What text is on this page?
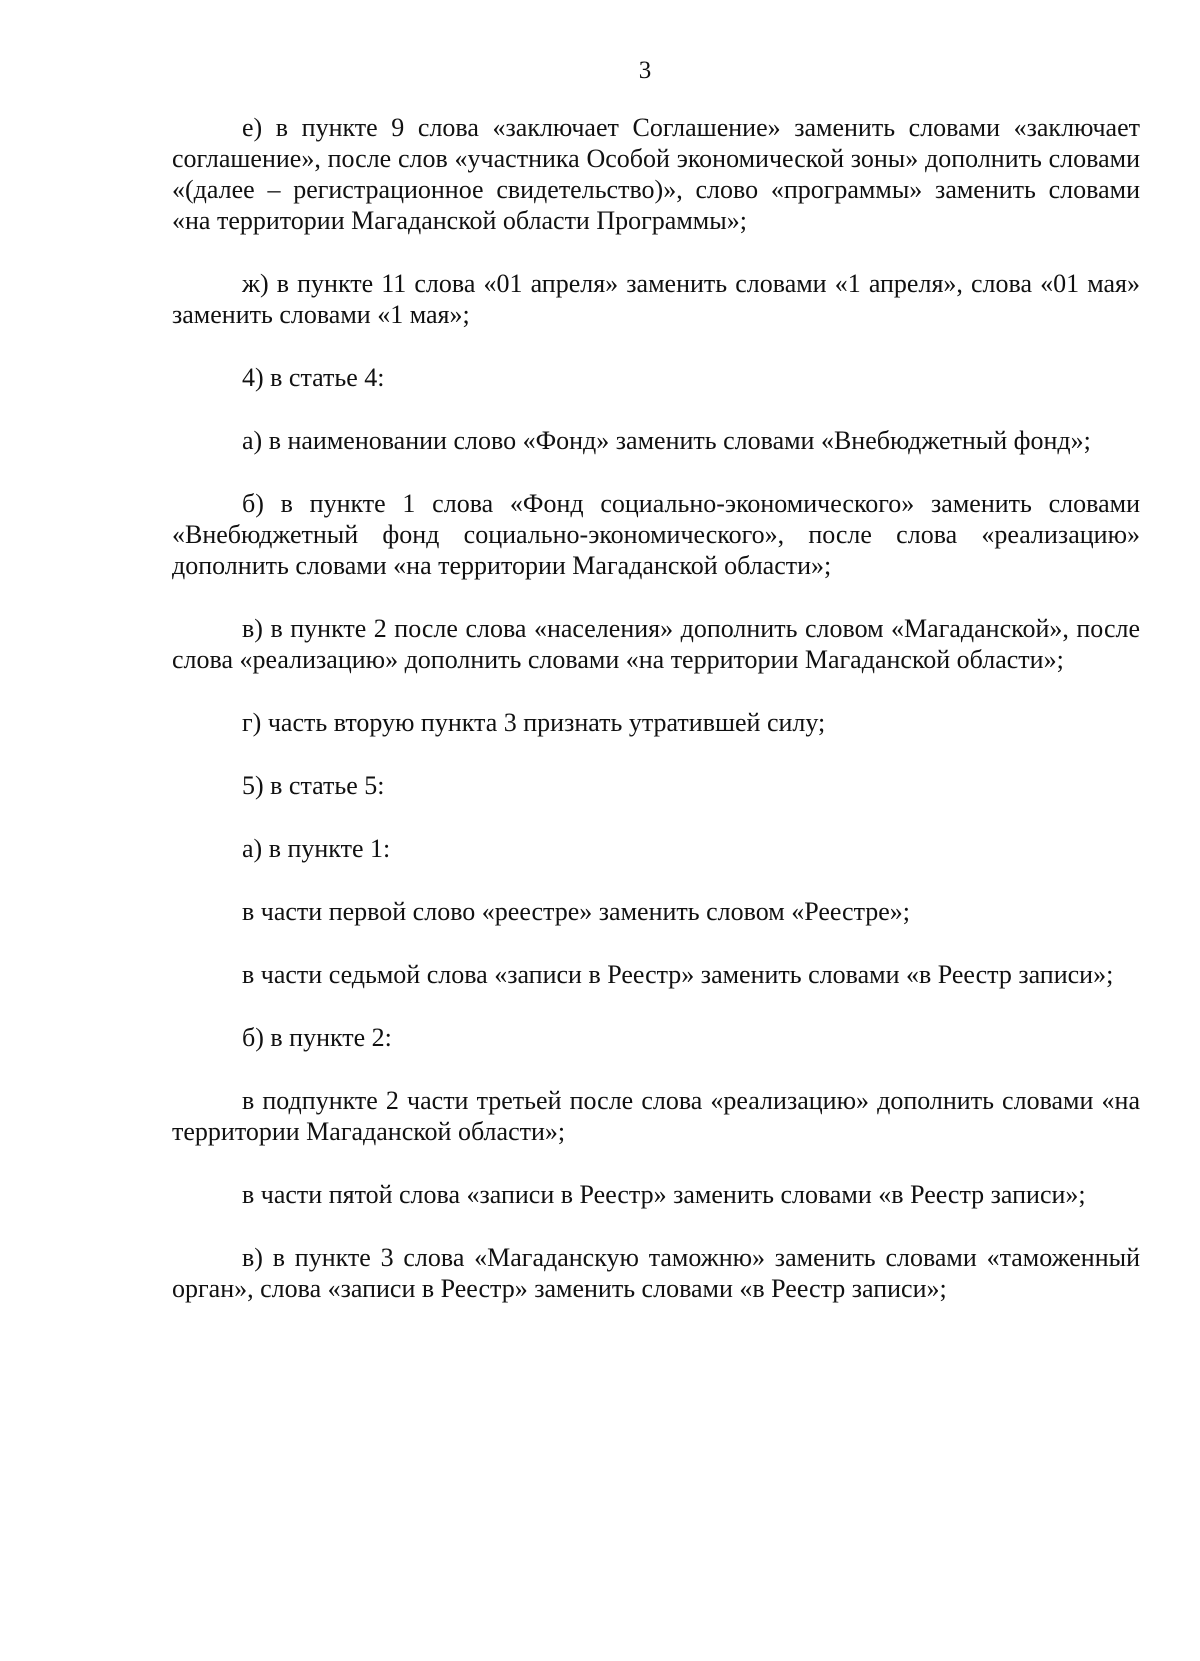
3

е) в пункте 9 слова «заключает Соглашение» заменить словами «заключает соглашение», после слов «участника Особой экономической зоны» дополнить словами «(далее – регистрационное свидетельство)», слово «программы» заменить словами «на территории Магаданской области Программы»;

ж) в пункте 11 слова «01 апреля» заменить словами «1 апреля», слова «01 мая» заменить словами «1 мая»;

4) в статье 4:

а) в наименовании слово «Фонд» заменить словами «Внебюджетный фонд»;

б) в пункте 1 слова «Фонд социально-экономического» заменить словами «Внебюджетный фонд социально-экономического», после слова «реализацию» дополнить словами «на территории Магаданской области»;

в) в пункте 2 после слова «населения» дополнить словом «Магаданской», после слова «реализацию» дополнить словами «на территории Магаданской области»;

г) часть вторую пункта 3 признать утратившей силу;

5) в статье 5:

а) в пункте 1:

в части первой слово «реестре» заменить словом «Реестре»;

в части седьмой слова «записи в Реестр» заменить словами «в Реестр записи»;

б) в пункте 2:

в подпункте 2 части третьей после слова «реализацию» дополнить словами «на территории Магаданской области»;

в части пятой слова «записи в Реестр» заменить словами «в Реестр записи»;

в) в пункте 3 слова «Магаданскую таможню» заменить словами «таможенный орган», слова «записи в Реестр» заменить словами «в Реестр записи»;
